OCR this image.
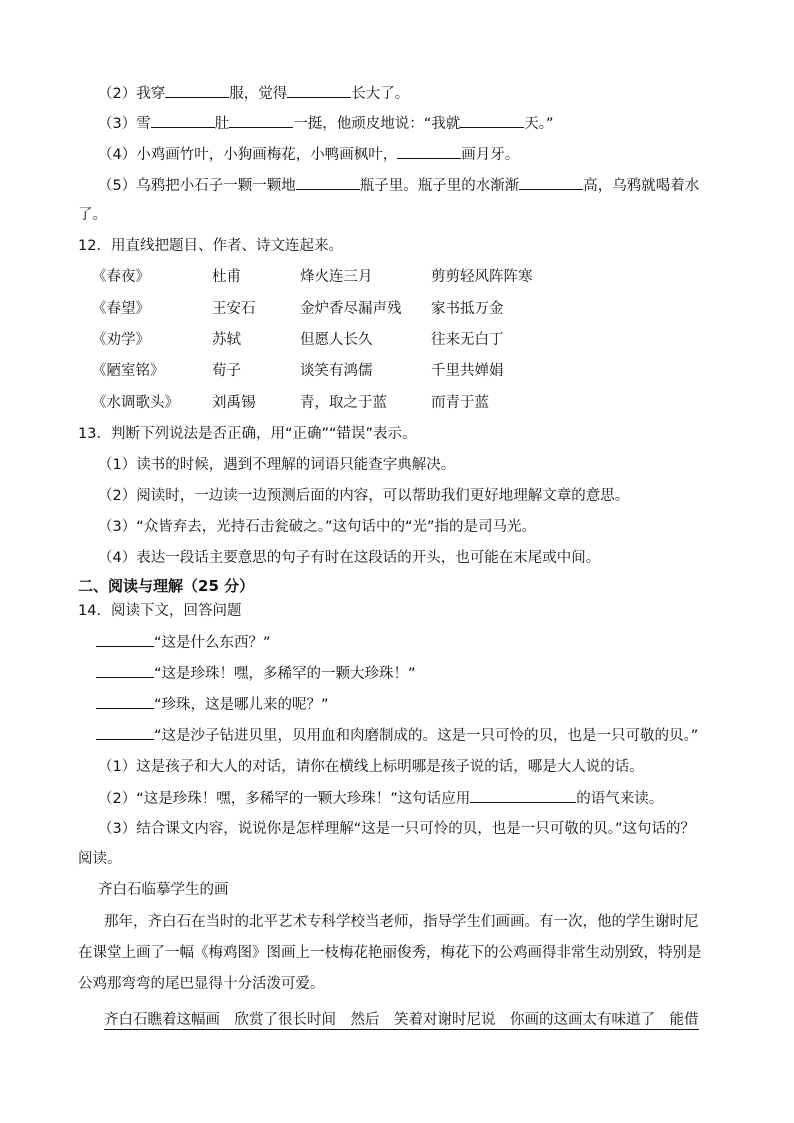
（2）我穿	服，觉得	长大了。
（3）雪	肚	一挺，他顽皮地说：“我就	天。”
（4）小鸡画竹叶，小狗画梅花，小鸭画枫叶，	画月牙。
（5）乌鸦把小石子一颗一颗地	瓶子里。瓶子里的水渐渐	高，乌鸦就喝着水
了。
12．用直线把题目、作者、诗文连起来。
《春夜》	杜甫	烽火连三月	剪剪轻风阵阵寒
《春望》	王安石	金炉香尽漏声残 家书抵万金
《劝学》	苏轼	但愿人长久	往来无白丁
《陋室铭》	荀子	谈笑有鸿儒	千里共婵娟
《水调歌头》 刘禹锡	青，取之于蓝	而青于蓝
13．判断下列说法是否正确，用“正确”“错误”表示。
（1）读书的时候，遇到不理解的词语只能查字典解决。
（2）阅读时，一边读一边预测后面的内容，可以帮助我们更好地理解文章的意思。
（3）“众皆弃去，光持石击瓮破之。”这句话中的“光”指的是司马光。
（4）表达一段话主要意思的句子有时在这段话的开头，也可能在末尾或中间。
二、阅读与理解（25 分）
14．阅读下文，回答问题
“这是什么东西？”
“这是珍珠！嘿，多稀罕的一颗大珍珠！”
“珍珠，这是哪儿来的呢？”
“这是沙子钻进贝里，贝用血和肉磨制成的。这是一只可怜的贝，也是一只可敬的贝。”
（1）这是孩子和大人的对话，请你在横线上标明哪是孩子说的话，哪是大人说的话。
（2）“这是珍珠！嘿，多稀罕的一颗大珍珠！”这句话应用	的语气来读。
（3）结合课文内容，说说你是怎样理解“这是一只可怜的贝，也是一只可敬的贝。”这句话的？
阅读。
齐白石临摹学生的画
那年，齐白石在当时的北平艺术专科学校当老师，指导学生们画画。有一次，他的学生谢时尼
在课堂上画了一幅《梅鸡图》图画上一枝梅花艳丽俊秀，梅花下的公鸡画得非常生动别致，特别是
公鸡那弯弯的尾巴显得十分活泼可爱。
齐白石瞧着这幅画　欣赏了很长时间　然后　笑着对谢时尼说　你画的这画太有味道了　能借
